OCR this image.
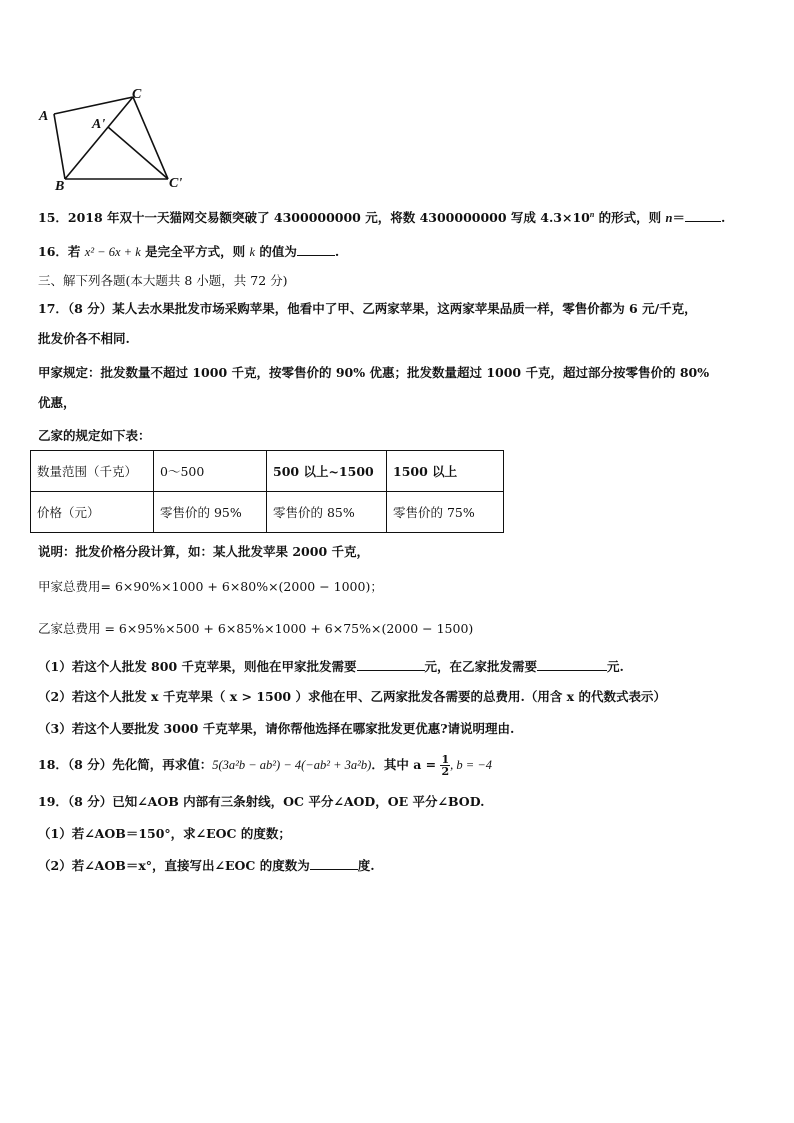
A
A'
C
B	C'
15．2018 年双十一天猫网交易额突破了 4300000000 元，将数 4300000000 写成 $4.3\times 10^n$ 的形式，则 n＝	.
16．若 x² − 6x + k 是完全平方式，则 k 的值为	.
三、解下列各题(本大题共 8 小题，共 72 分)
17．（8 分）某人去水果批发市场采购苹果，他看中了甲、乙两家苹果，这两家苹果品质一样，零售价都为 6 元/千克，
批发价各不相同.
甲家规定：批发数量不超过 1000 千克，按零售价的 90% 优惠；批发数量超过 1000 千克，超过部分按零售价的 80%
优惠，
乙家的规定如下表：
数量范围（千克）	0～500	500 以上~1500	1500 以上
价格（元）	零售价的 95%	零售价的 85%	零售价的 75%
说明：批发价格分段计算，如：某人批发苹果 2000 千克，
甲家总费用= 6×90%×1000 + 6×80%×(2000 − 1000)；
乙家总费用 = 6×95%×500 + 6×85%×1000 + 6×75%×(2000 − 1500)
（1）若这个人批发 800 千克苹果，则他在甲家批发需要	元，在乙家批发需要	元.
（2）若这个人批发 x 千克苹果（ x > 1500 ）求他在甲、乙两家批发各需要的总费用.（用含 x 的代数式表示）
（3）若这个人要批发 3000 千克苹果，请你帮他选择在哪家批发更优惠?请说明理由.
18．（8 分）先化简，再求值：5(3a²b − ab²) − 4(−ab² + 3a²b)．其中 $a = \frac{1}{2}$ , b = −4
19．（8 分）已知∠AOB 内部有三条射线，OC 平分∠AOD，OE 平分∠BOD.
（1）若∠AOB＝150°，求∠EOC 的度数；
（2）若∠AOB＝x°，直接写出∠EOC 的度数为	度.
